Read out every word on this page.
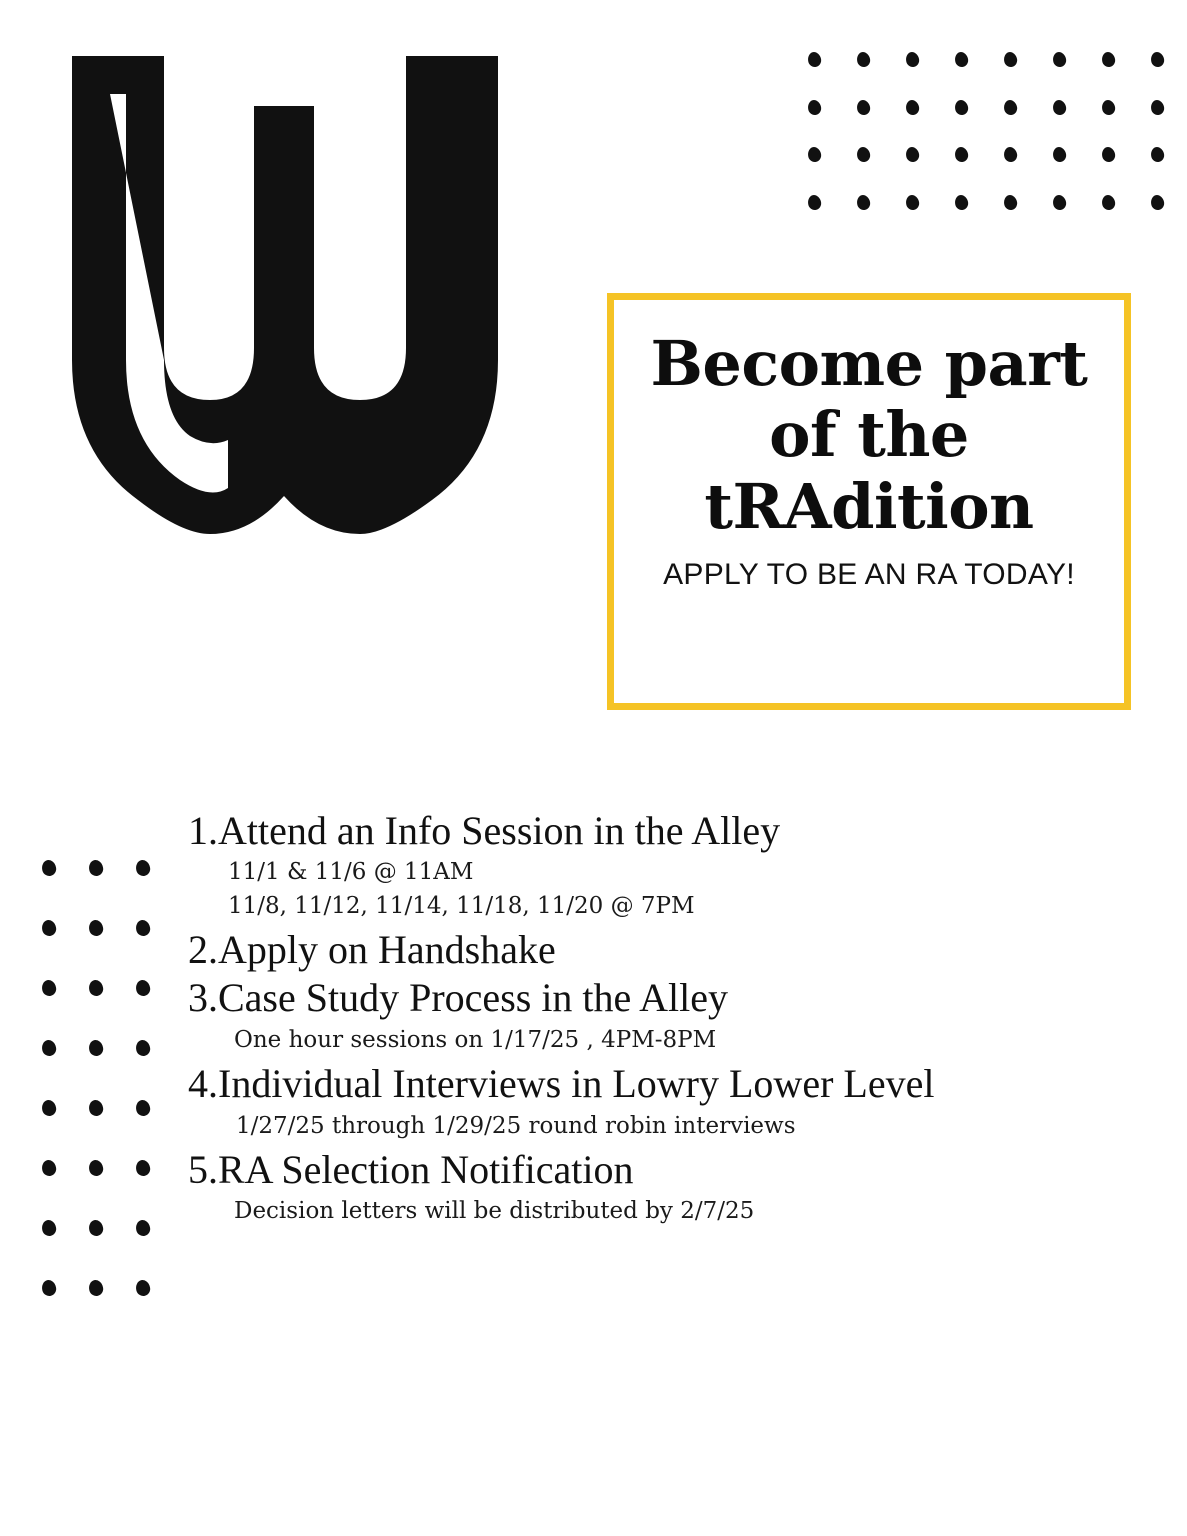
Become part
of the
tRAdition
APPLY TO BE AN RA TODAY!
1.Attend an Info Session in the Alley
11/1 & 11/6 @ 11AM
11/8, 11/12, 11/14, 11/18, 11/20 @ 7PM
2.Apply on Handshake
3.Case Study Process in the Alley
One hour sessions on 1/17/25 , 4PM-8PM
4.Individual Interviews in Lowry Lower Level
1/27/25 through 1/29/25 round robin interviews
5.RA Selection Notification
Decision letters will be distributed by 2/7/25
